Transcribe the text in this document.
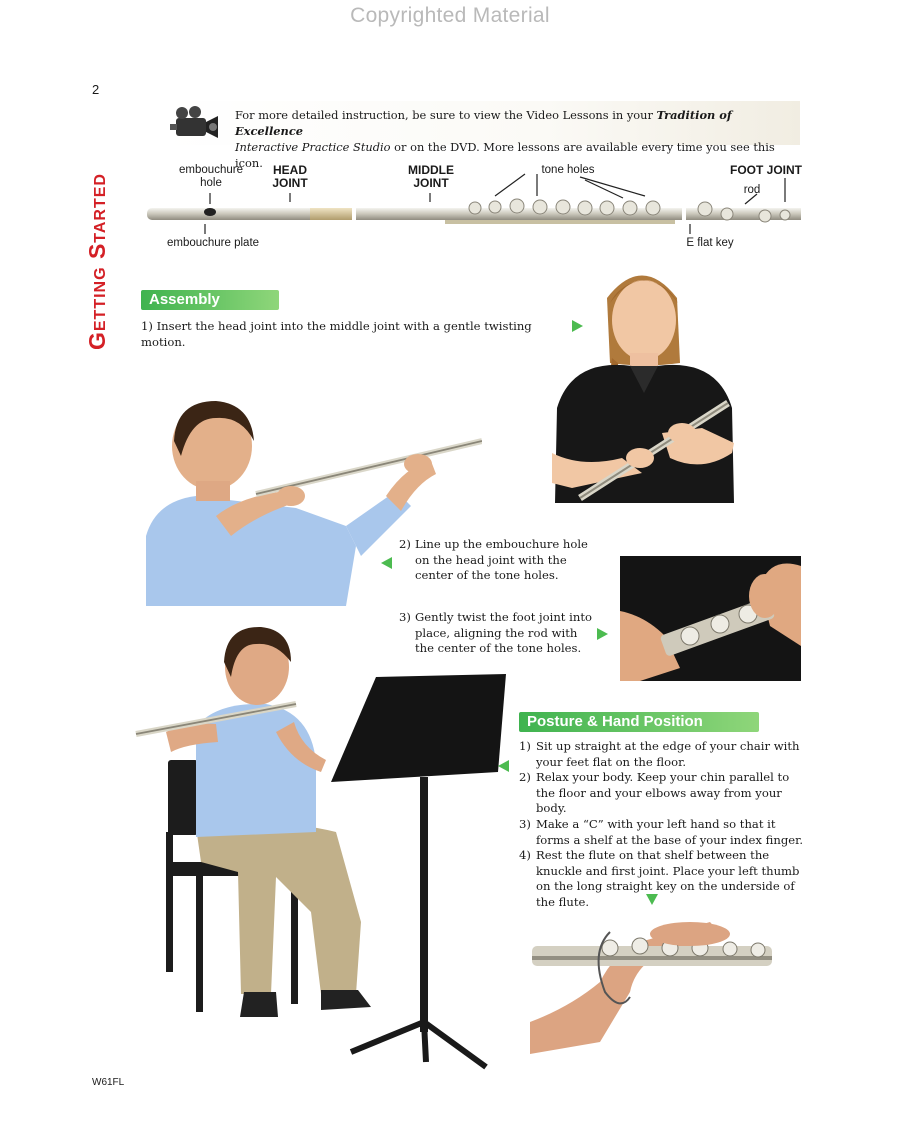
Copyrighted Material
2
Getting Started
For more detailed instruction, be sure to view the Video Lessons in your Tradition of Excellence
Interactive Practice Studio or on the DVD. More lessons are available every time you see this icon.
embouchure
hole
HEAD
JOINT
MIDDLE
JOINT
tone holes	FOOT JOINT
rod
embouchure plate	E flat key
Assembly
1) Insert the head joint into the middle joint with a gentle twisting motion.
2) Line up the embouchure hole on the head joint with the center of the tone holes.
3) Gently twist the foot joint into place, aligning the rod with the center of the tone holes.
Posture & Hand Position
1) Sit up straight at the edge of your chair with your feet flat on the floor.
2) Relax your body. Keep your chin parallel to the floor and your elbows away from your body.
3) Make a “C” with your left hand so that it forms a shelf at the base of your index finger.
4) Rest the flute on that shelf between the knuckle and first joint. Place your left thumb on the long straight key on the underside of the flute.
W61FL
